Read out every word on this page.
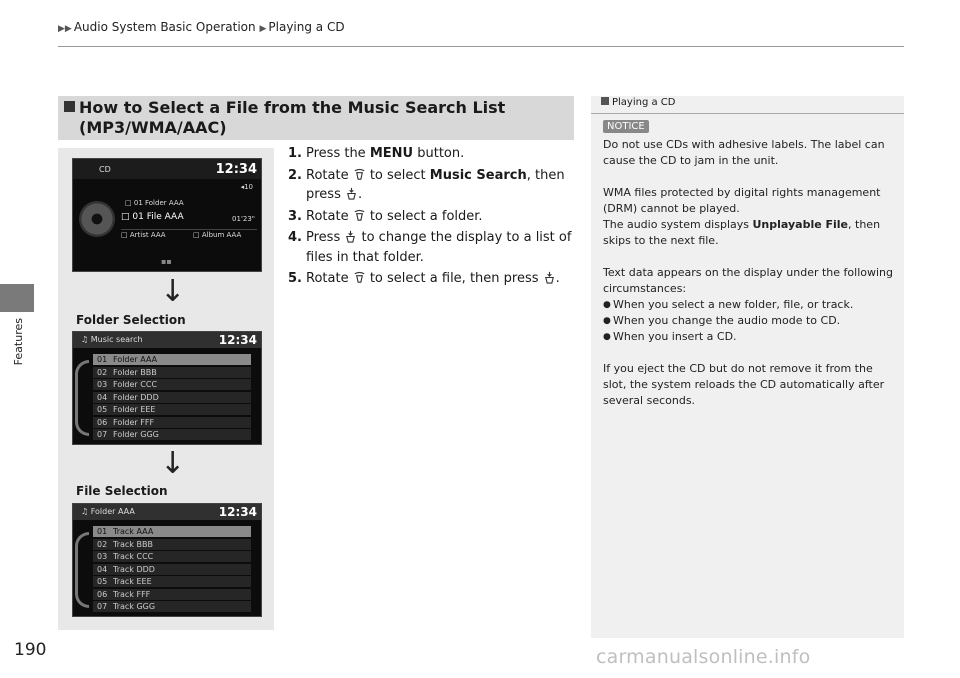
▶▶ Audio System Basic Operation ▶ Playing a CD
Features
190
How to Select a File from the Music Search List
(MP3/WMA/AAC)
CD	12:34
◂10
□ 01 Folder AAA
□ 01 File AAA	01'23"
□ Artist AAA	□ Album AAA
▪▪
↓
Folder Selection
♫ Music search	12:34
01 Folder AAA
02 Folder BBB
03 Folder CCC
04 Folder DDD
05 Folder EEE
06 Folder FFF
07 Folder GGG
↓
File Selection
♫ Folder AAA	12:34
01 Track AAA
02 Track BBB
03 Track CCC
04 Track DDD
05 Track EEE
06 Track FFF
07 Track GGG
1. Press the MENU button.
2. Rotate  to select Music Search, then
press .
3. Rotate  to select a folder.
4. Press  to change the display to a list of
files in that folder.
5. Rotate  to select a file, then press .
Playing a CD
NOTICE

Do not use CDs with adhesive labels. The label can cause the CD to jam in the unit.

WMA files protected by digital rights management (DRM) cannot be played.

The audio system displays Unplayable File, then skips to the next file.

Text data appears on the display under the following circumstances:

● When you select a new folder, file, or track.
● When you change the audio mode to CD.
● When you insert a CD.

If you eject the CD but do not remove it from the slot, the system reloads the CD automatically after several seconds.

carmanualsonline.info
